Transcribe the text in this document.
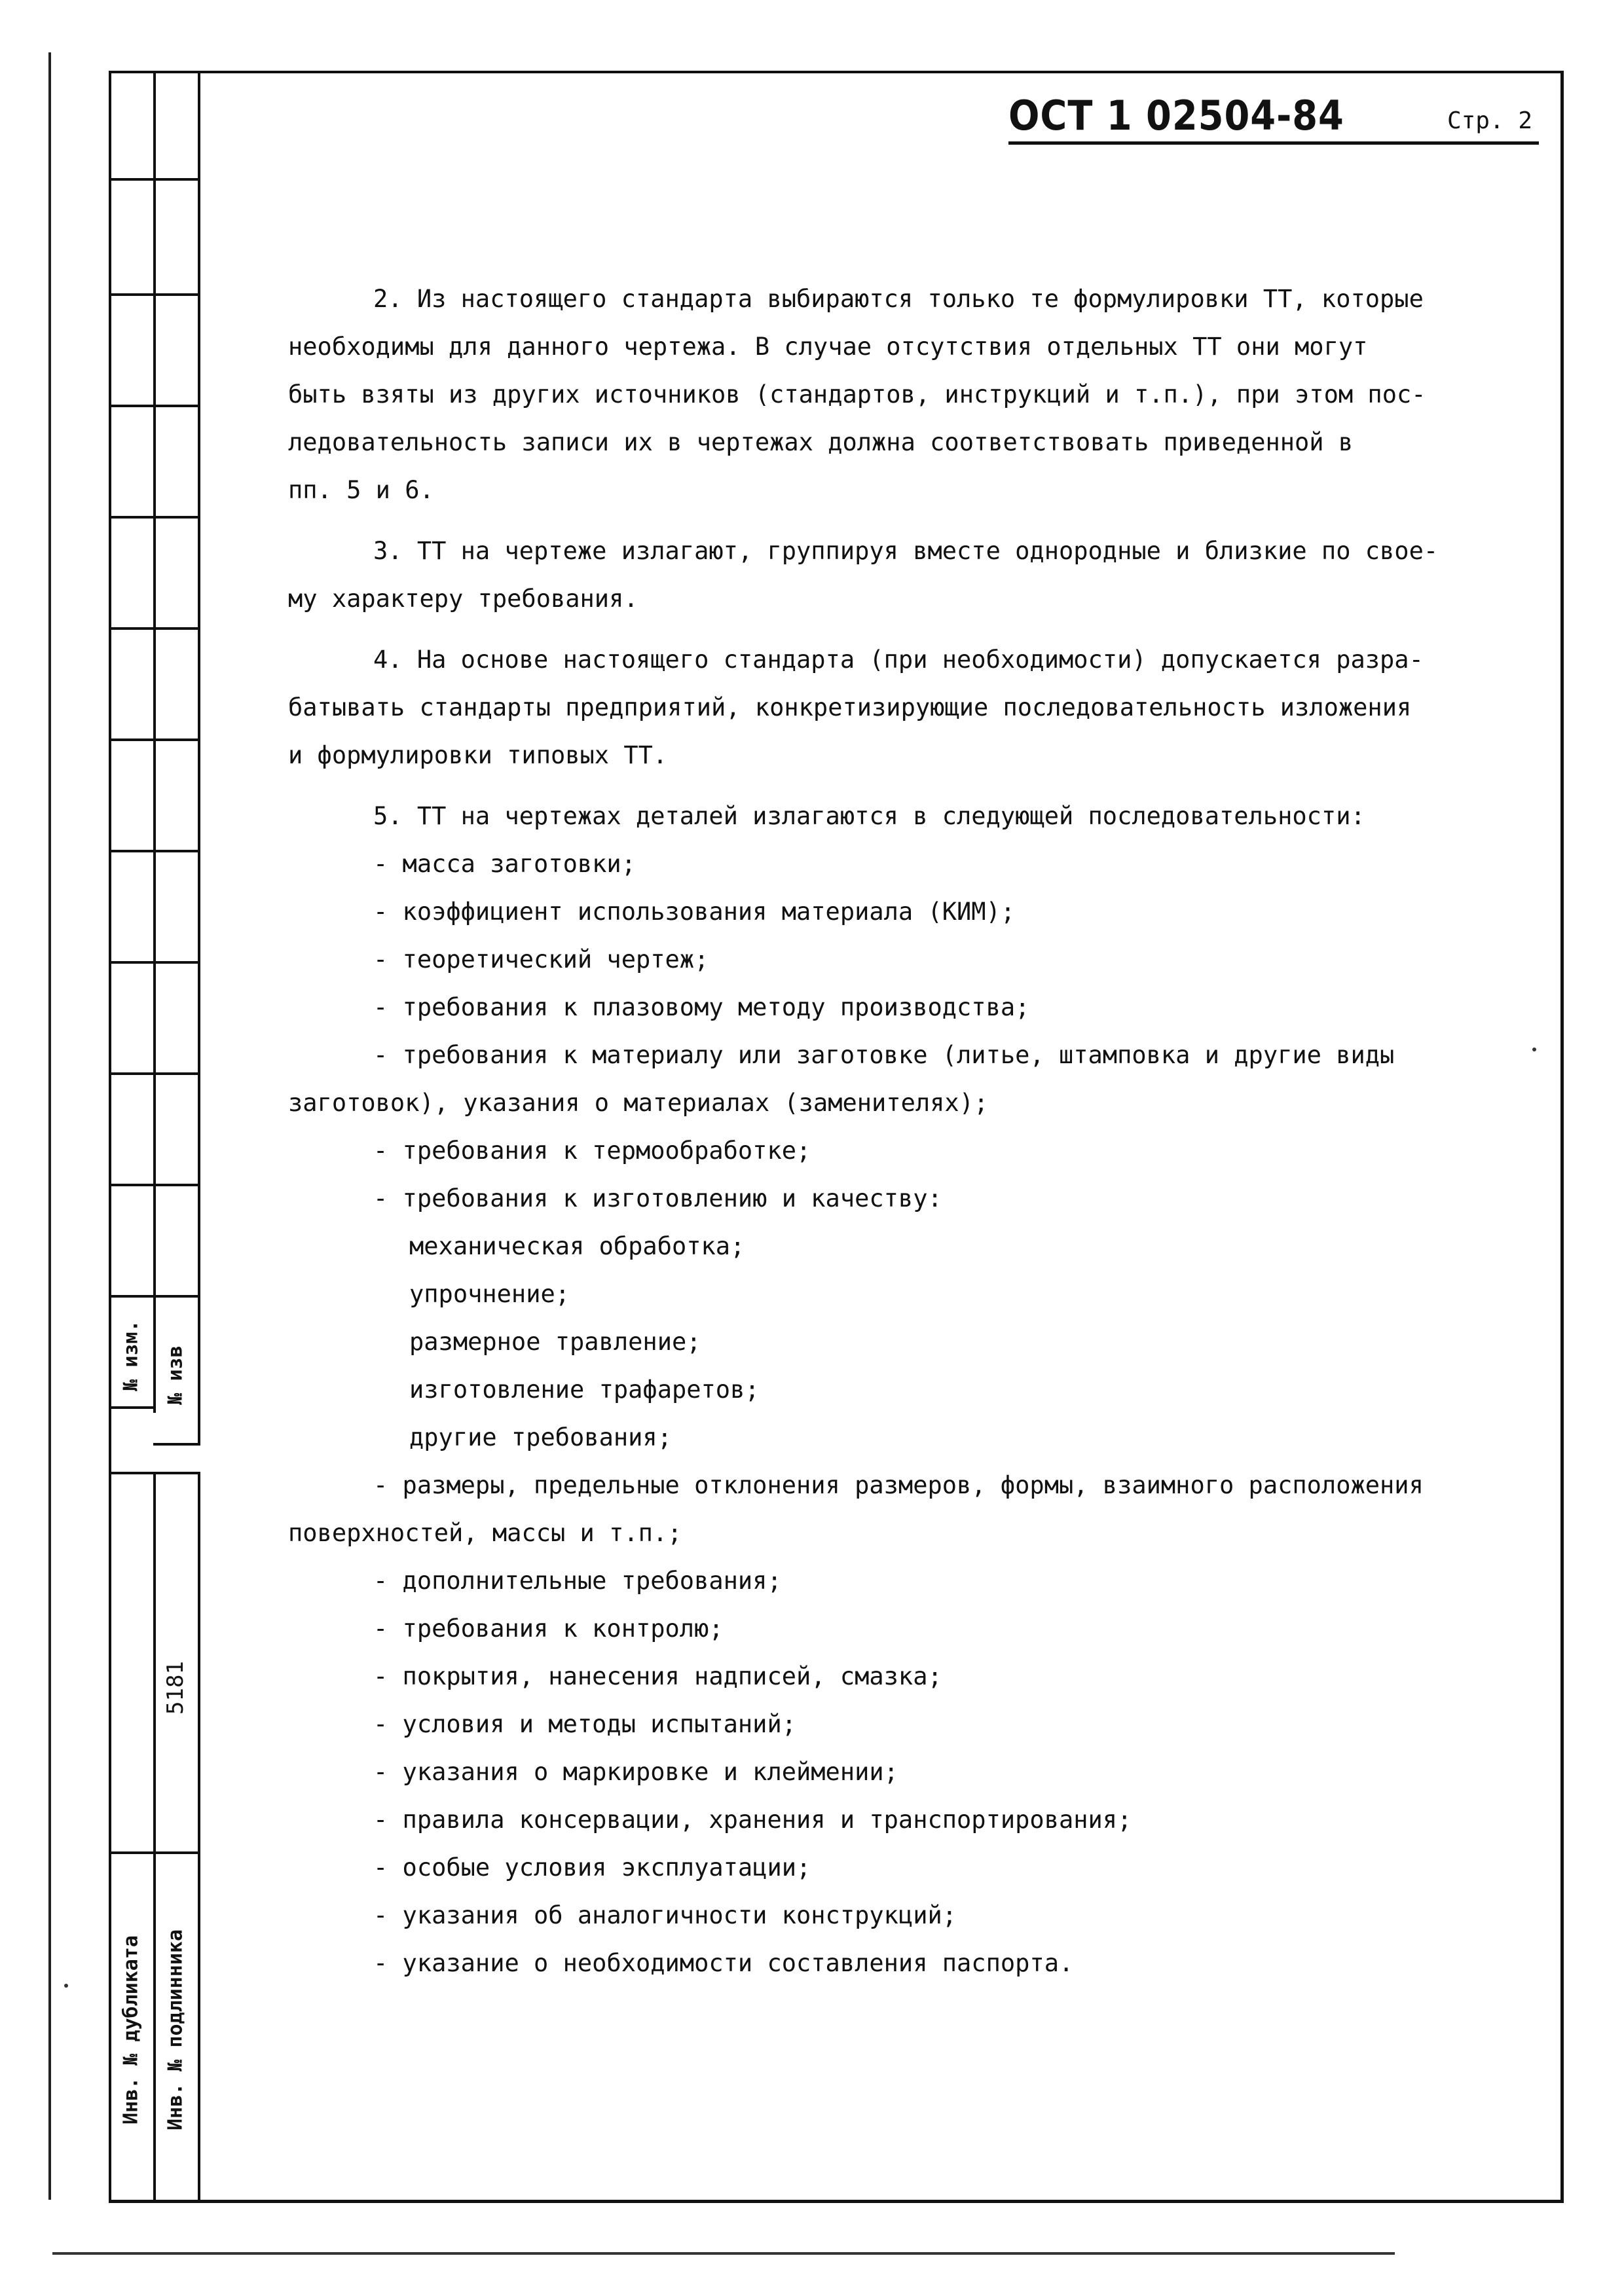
№ изм. № изв
5181
Инв. № дубликата Инв. № подлинника
ОСТ 1 02504-84	Стр. 2
2. Из настоящего стандарта выбираются только те формулировки ТТ, которые
необходимы для данного чертежа. В случае отсутствия отдельных ТТ они могут
быть взяты из других источников (стандартов, инструкций и т.п.), при этом пос-
ледовательность записи их в чертежах должна соответствовать приведенной в
пп. 5 и 6.
3. ТТ на чертеже излагают, группируя вместе однородные и близкие по свое-
му характеру требования.
4. На основе настоящего стандарта (при необходимости) допускается разра-
батывать стандарты предприятий, конкретизирующие последовательность изложения
и формулировки типовых ТТ.
5. ТТ на чертежах деталей излагаются в следующей последовательности:
- масса заготовки;
- коэффициент использования материала (КИМ);
- теоретический чертеж;
- требования к плазовому методу производства;
- требования к материалу или заготовке (литье, штамповка и другие виды
заготовок), указания о материалах (заменителях);
- требования к термообработке;
- требования к изготовлению и качеству:
механическая обработка;
упрочнение;
размерное травление;
изготовление трафаретов;
другие требования;
- размеры, предельные отклонения размеров, формы, взаимного расположения
поверхностей, массы и т.п.;
- дополнительные требования;
- требования к контролю;
- покрытия, нанесения надписей, смазка;
- условия и методы испытаний;
- указания о маркировке и клеймении;
- правила консервации, хранения и транспортирования;
- особые условия эксплуатации;
- указания об аналогичности конструкций;
- указание о необходимости составления паспорта.
